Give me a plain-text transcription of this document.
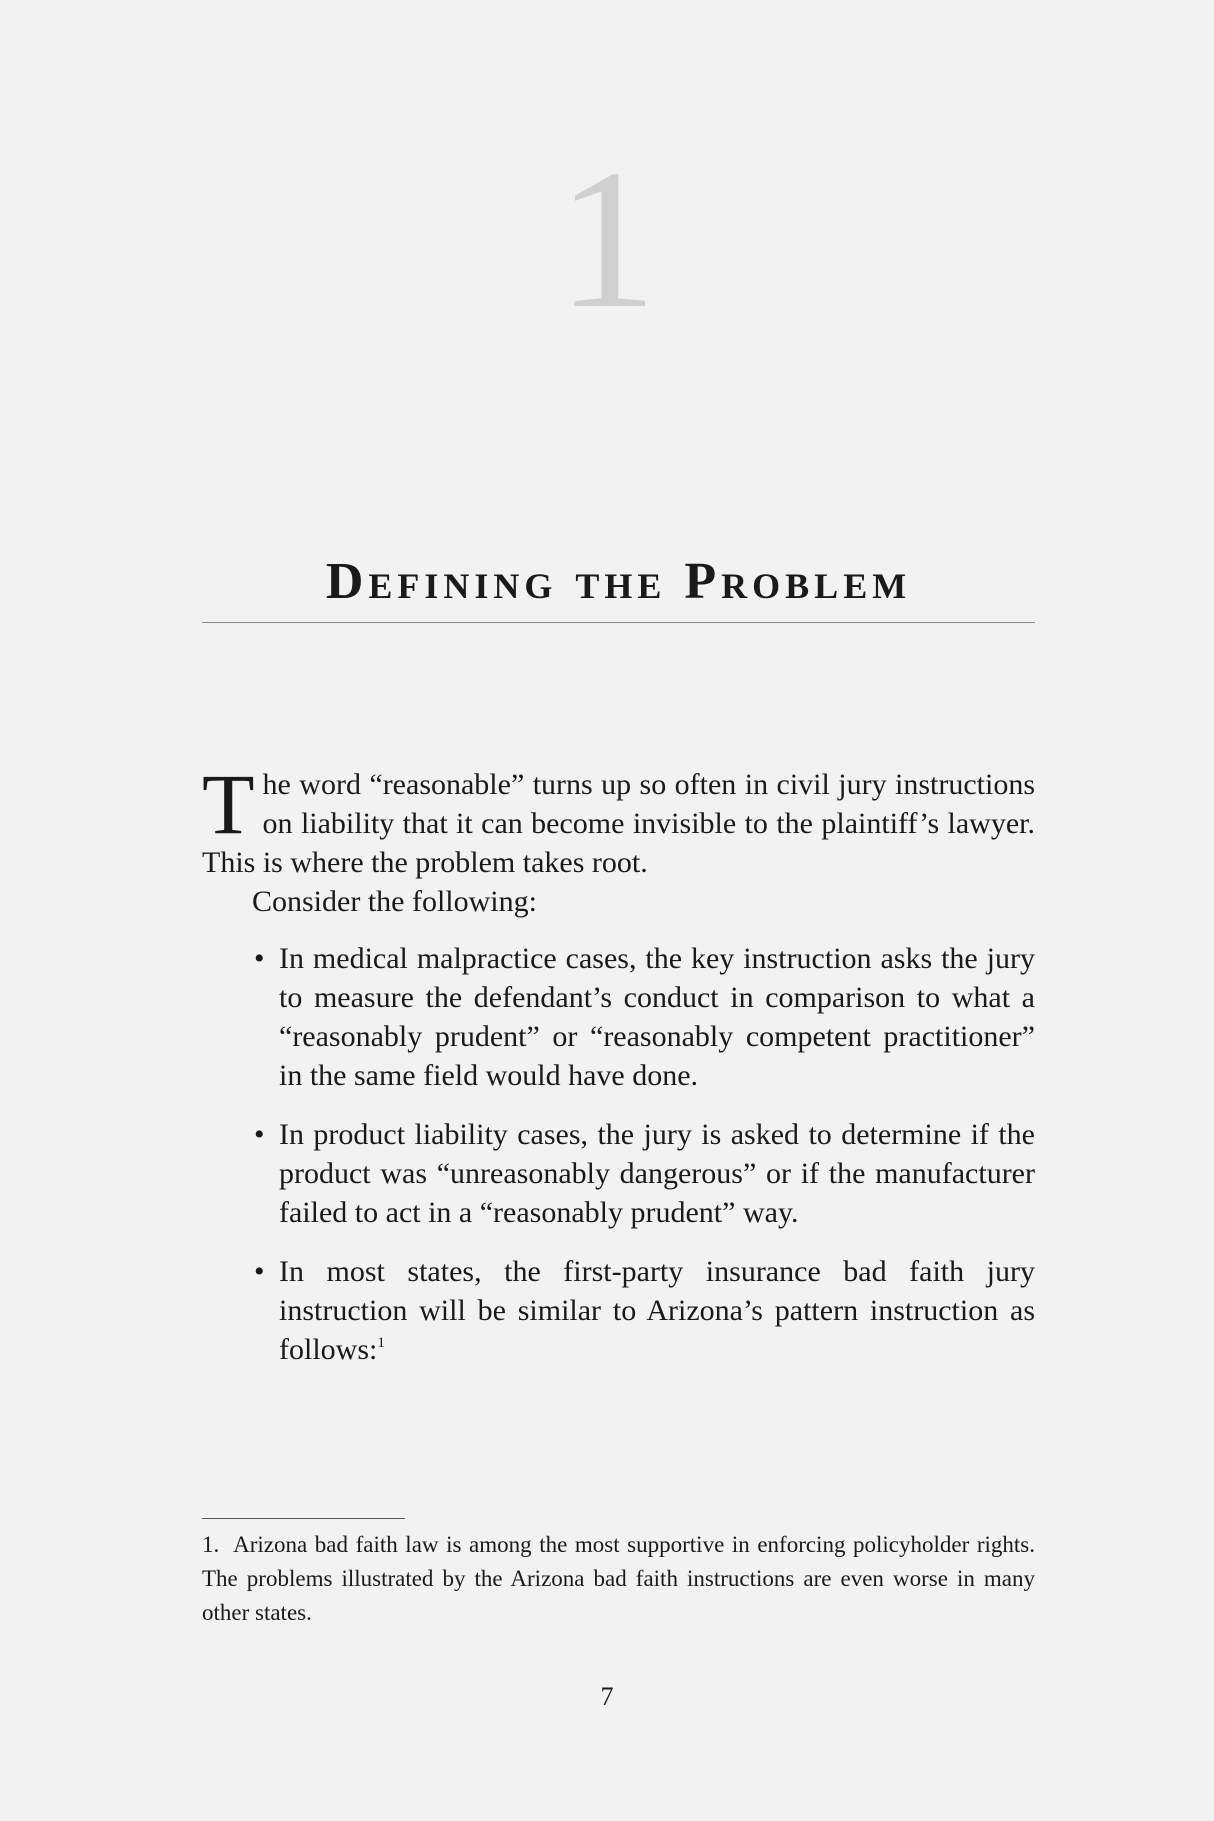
1
Defining the Problem

The word “reasonable” turns up so often in civil jury instructions on liability that it can become invisible to the plaintiff’s lawyer. This is where the problem takes root.

Consider the following:

• In medical malpractice cases, the key instruction asks the jury to measure the defendant’s conduct in comparison to what a “reasonably prudent” or “reasonably competent practitioner” in the same field would have done.
• In product liability cases, the jury is asked to determine if the product was “unreasonably dangerous” or if the manufacturer failed to act in a “reasonably prudent” way.
• In most states, the first-party insurance bad faith jury instruction will be similar to Arizona’s pattern instruction as follows:$^1$

1. Arizona bad faith law is among the most supportive in enforcing policyholder rights. The problems illustrated by the Arizona bad faith instructions are even worse in many other states.

7
